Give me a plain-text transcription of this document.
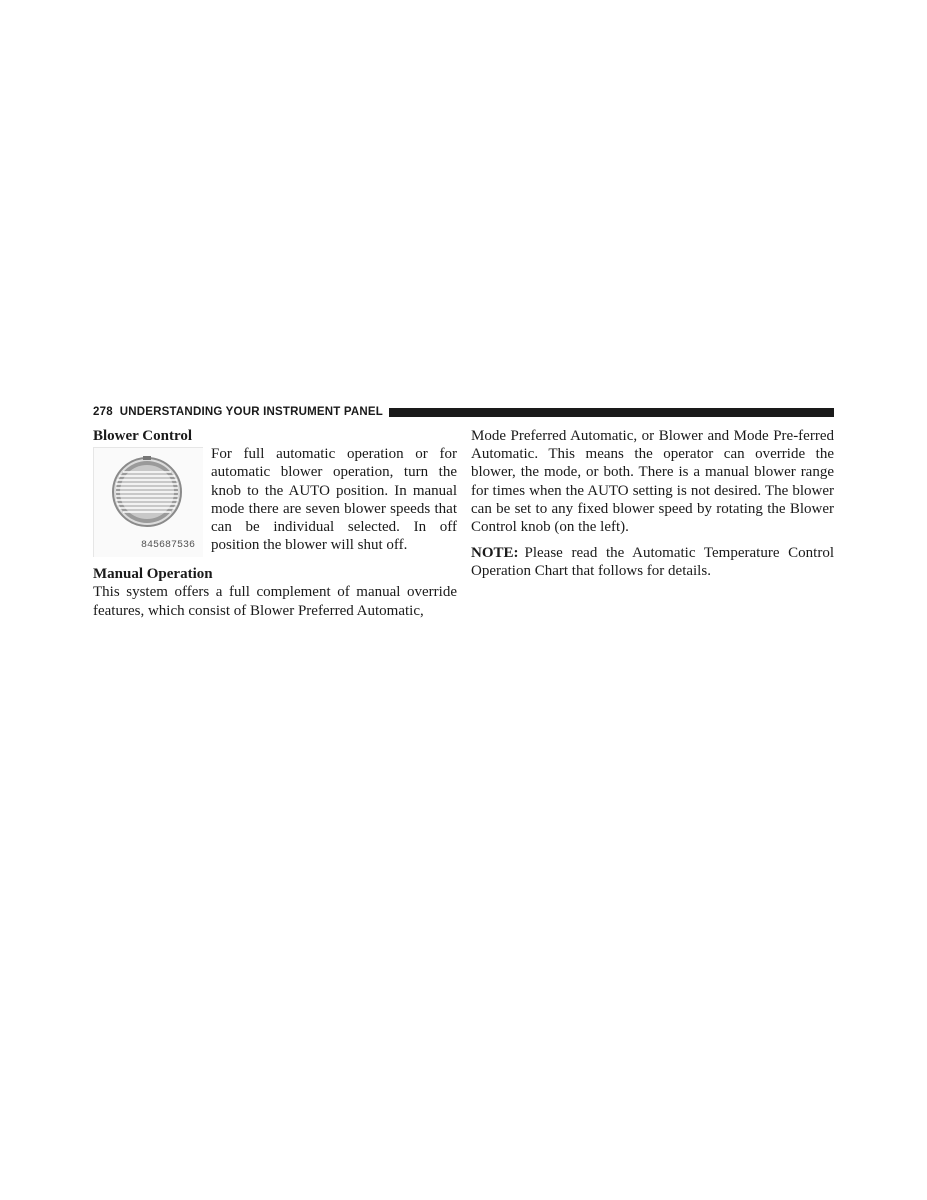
278 UNDERSTANDING YOUR INSTRUMENT PANEL
Blower Control
845687536

For full automatic operation or for automatic blower operation, turn the knob to the AUTO position. In manual mode there are seven blower speeds that can be individual selected. In off position the blower will shut off.

Manual Operation

This system offers a full complement of manual override features, which consist of Blower Preferred Automatic,

Mode Preferred Automatic, or Blower and Mode Pre-ferred Automatic. This means the operator can override the blower, the mode, or both. There is a manual blower range for times when the AUTO setting is not desired. The blower can be set to any fixed blower speed by rotating the Blower Control knob (on the left).

NOTE: Please read the Automatic Temperature Control Operation Chart that follows for details.
